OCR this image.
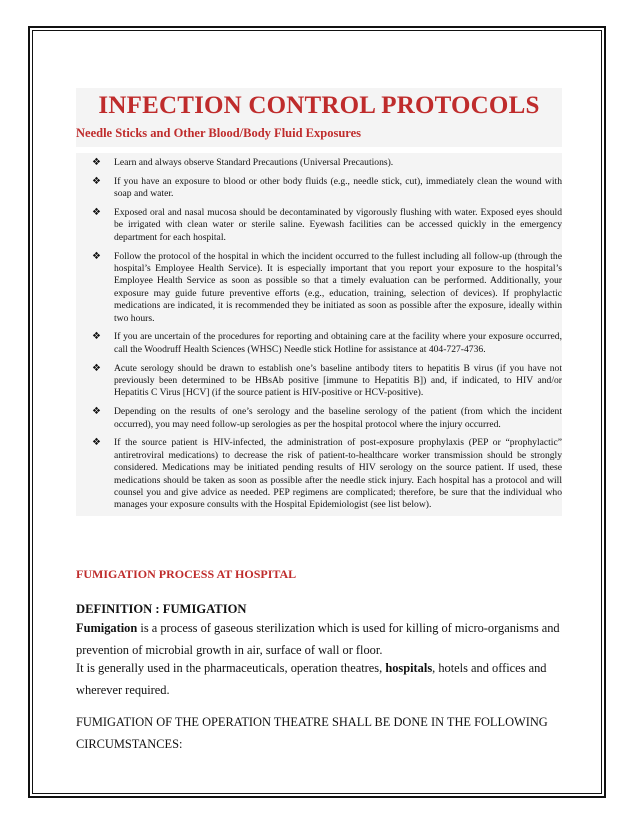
INFECTION CONTROL PROTOCOLS
Needle Sticks and Other Blood/Body Fluid Exposures
❖ Learn and always observe Standard Precautions (Universal Precautions).
❖ If you have an exposure to blood or other body fluids (e.g., needle stick, cut), immediately clean the wound with soap and water.
❖ Exposed oral and nasal mucosa should be decontaminated by vigorously flushing with water. Exposed eyes should be irrigated with clean water or sterile saline. Eyewash facilities can be accessed quickly in the emergency department for each hospital.
❖ Follow the protocol of the hospital in which the incident occurred to the fullest including all follow-up (through the hospital’s Employee Health Service). It is especially important that you report your exposure to the hospital’s Employee Health Service as soon as possible so that a timely evaluation can be performed. Additionally, your exposure may guide future preventive efforts (e.g., education, training, selection of devices). If prophylactic medications are indicated, it is recommended they be initiated as soon as possible after the exposure, ideally within two hours.
❖ If you are uncertain of the procedures for reporting and obtaining care at the facility where your exposure occurred, call the Woodruff Health Sciences (WHSC) Needle stick Hotline for assistance at 404-727-4736.
❖ Acute serology should be drawn to establish one’s baseline antibody titers to hepatitis B virus (if you have not previously been determined to be HBsAb positive [immune to Hepatitis B]) and, if indicated, to HIV and/or Hepatitis C Virus [HCV] (if the source patient is HIV-positive or HCV-positive).
❖ Depending on the results of one’s serology and the baseline serology of the patient (from which the incident occurred), you may need follow-up serologies as per the hospital protocol where the injury occurred.
❖ If the source patient is HIV-infected, the administration of post-exposure prophylaxis (PEP or “prophylactic” antiretroviral medications) to decrease the risk of patient-to-healthcare worker transmission should be strongly considered. Medications may be initiated pending results of HIV serology on the source patient. If used, these medications should be taken as soon as possible after the needle stick injury. Each hospital has a protocol and will counsel you and give advice as needed. PEP regimens are complicated; therefore, be sure that the individual who manages your exposure consults with the Hospital Epidemiologist (see list below).
FUMIGATION PROCESS AT HOSPITAL
DEFINITION : FUMIGATION
Fumigation is a process of gaseous sterilization which is used for killing of micro-organisms and prevention of microbial growth in air, surface of wall or floor.
It is generally used in the pharmaceuticals, operation theatres, hospitals, hotels and offices and wherever required.
FUMIGATION OF THE OPERATION THEATRE SHALL BE DONE IN THE FOLLOWING CIRCUMSTANCES:
